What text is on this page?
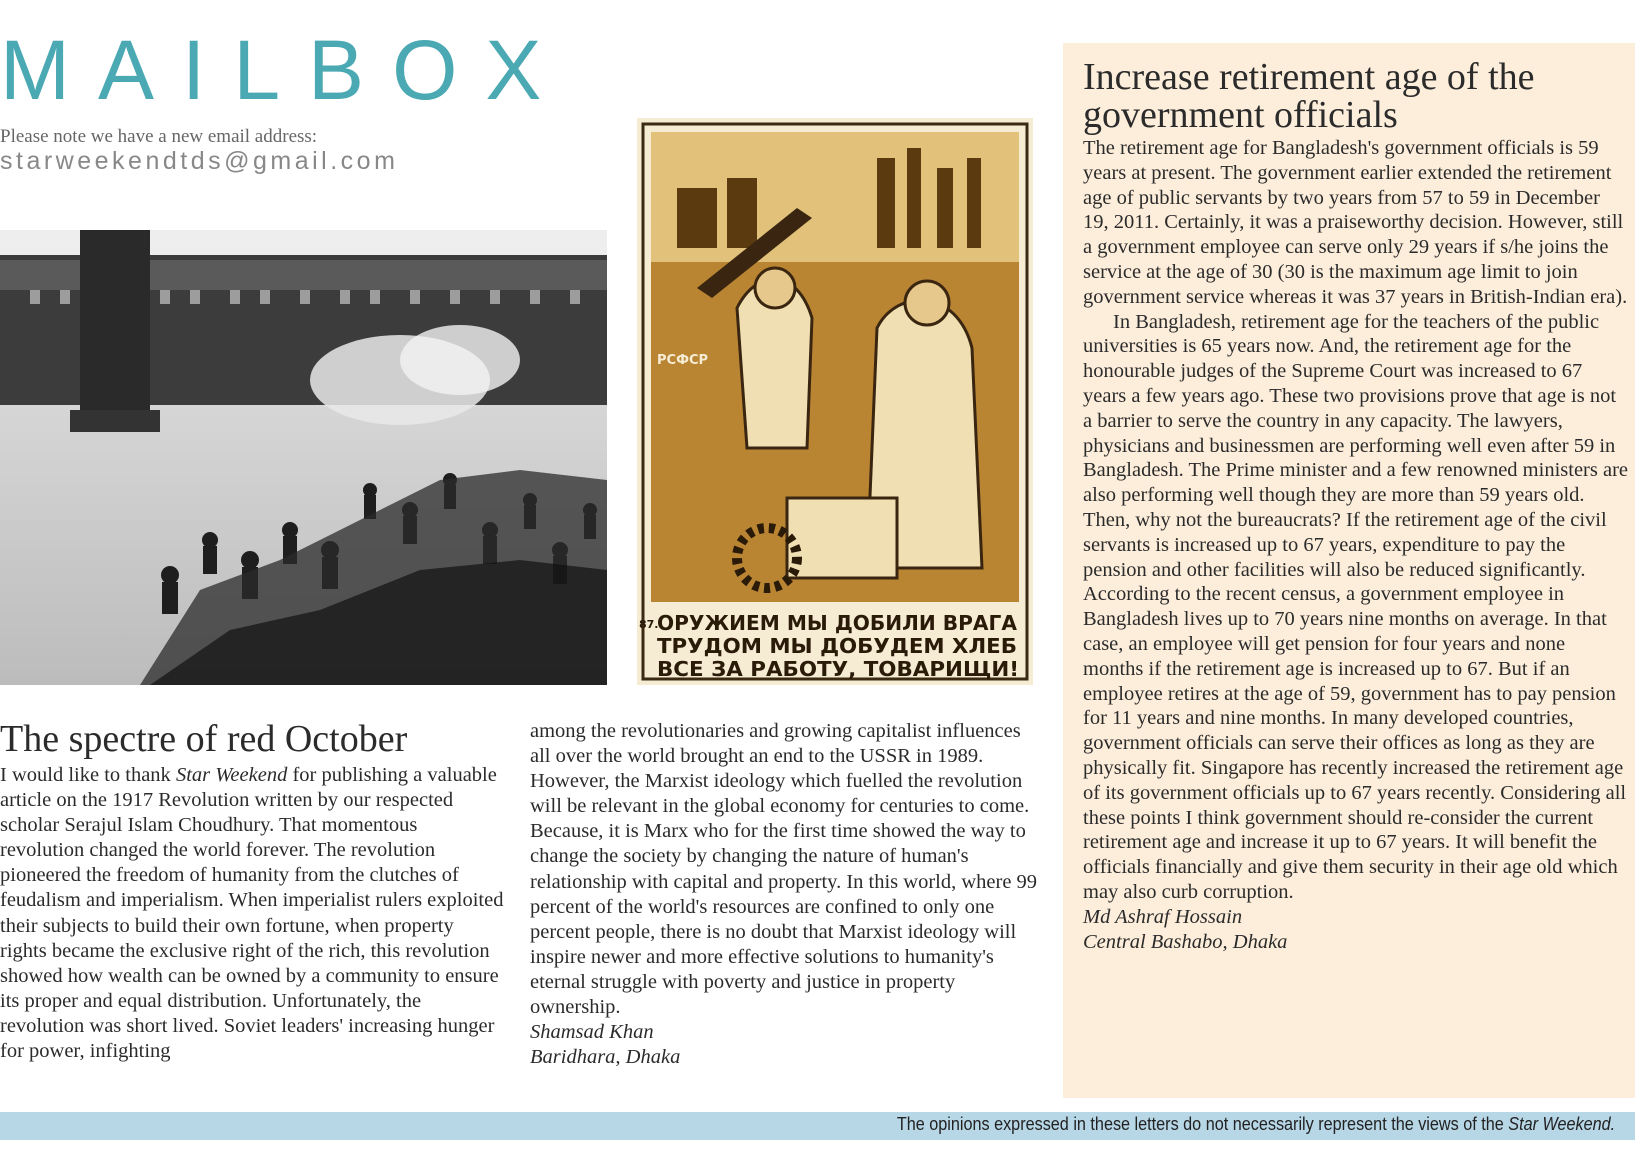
MAILBOX
Please note we have a new email address:
starweekendtds@gmail.com
РСФСР
87.
ОРУЖИЕМ МЫ ДОБИЛИ ВРАГА
ТРУДОМ МЫ ДОБУДЕМ ХЛЕБ
ВСЕ ЗА РАБОТУ, ТОВАРИЩИ!
The spectre of red October
I would like to thank Star Weekend for publishing a valuable article on the 1917 Revolution written by our respected scholar Serajul Islam Choudhury. That momentous revolution changed the world forever. The revolution pioneered the freedom of humanity from the clutches of feudalism and imperialism. When imperialist rulers exploited their subjects to build their own fortune, when property rights became the exclusive right of the rich, this revolution showed how wealth can be owned by a community to ensure its proper and equal distribution. Unfortunately, the revolution was short lived. Soviet leaders' increasing hunger for power, infighting

among the revolutionaries and growing capitalist influences all over the world brought an end to the USSR in 1989. However, the Marxist ideology which fuelled the revolution will be relevant in the global economy for centuries to come. Because, it is Marx who for the first time showed the way to change the society by changing the nature of human's relationship with capital and property. In this world, where 99 percent of the world's resources are confined to only one percent people, there is no doubt that Marxist ideology will inspire newer and more effective solutions to humanity's eternal struggle with poverty and justice in property ownership.

Shamsad Khan

Baridhara, Dhaka

Increase retirement age of the government officials

The retirement age for Bangladesh's government officials is 59 years at present. The government earlier extended the retirement age of public servants by two years from 57 to 59 in December 19, 2011. Certainly, it was a praiseworthy decision. However, still a government employee can serve only 29 years if s/he joins the service at the age of 30 (30 is the maximum age limit to join government service whereas it was 37 years in British-Indian era).

In Bangladesh, retirement age for the teachers of the public universities is 65 years now. And, the retirement age for the honourable judges of the Supreme Court was increased to 67 years a few years ago. These two provisions prove that age is not a barrier to serve the country in any capacity. The lawyers, physicians and businessmen are performing well even after 59 in Bangladesh. The Prime minister and a few renowned ministers are also performing well though they are more than 59 years old. Then, why not the bureaucrats? If the retirement age of the civil servants is increased up to 67 years, expenditure to pay the pension and other facilities will also be reduced significantly. According to the recent census, a government employee in Bangladesh lives up to 70 years nine months on average. In that case, an employee will get pension for four years and none months if the retirement age is increased up to 67. But if an employee retires at the age of 59, government has to pay pension for 11 years and nine months. In many developed countries, government officials can serve their offices as long as they are physically fit. Singapore has recently increased the retirement age of its government officials up to 67 years recently. Considering all these points I think government should re-consider the current retirement age and increase it up to 67 years. It will benefit the officials financially and give them security in their age old which may also curb corruption.

Md Ashraf Hossain

Central Bashabo, Dhaka

The opinions expressed in these letters do not necessarily represent the views of the Star Weekend.
